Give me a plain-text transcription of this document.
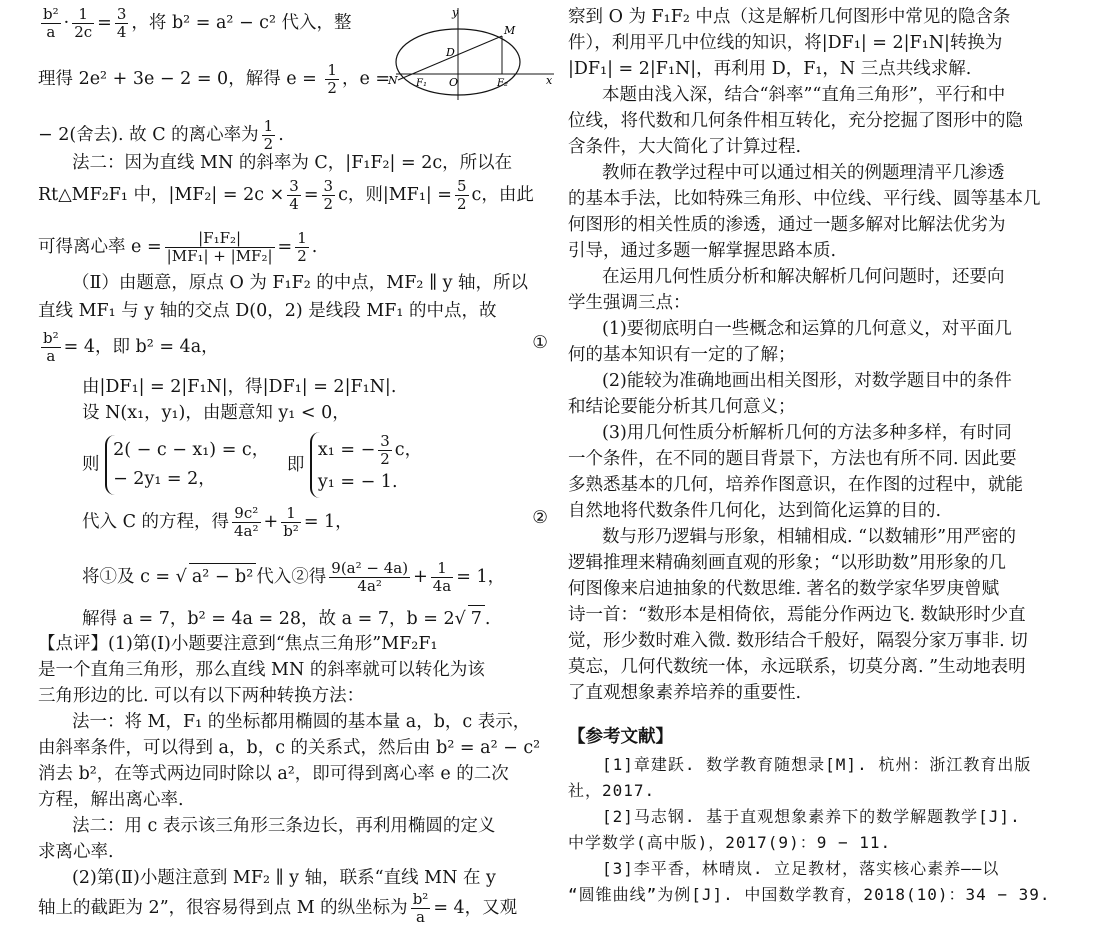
$\frac{\text{b²}}{a} \cdot \frac{1}{2c} = \frac{3}{4}$ ，将 b² = a² − c² 代入，整
y
M
D
N F₁ O	F₂	x
理得 2e² + 3e − 2 = 0，解得 $e = \frac{1}{2}$ ，e =
− 2(舍去). 故 C 的离心率为 $\frac{1}{2}$ .
法二：因为直线 MN 的斜率为 C，|F₁F₂| = 2c，所以在
Rt△MF₂F₁ 中，$|MF_2| = 2c \times \frac{3}{4} = \frac{3}{2}$ c，则$|MF_1| = \frac{5}{2}$ c，由此
可得离心率 $e = \frac{\text{|F₁F₂|}}{\text{|MF₁| + |MF₂|}} = \frac{1}{2}$ .
（Ⅱ）由题意，原点 O 为 F₁F₂ 的中点，MF₂ ∥ y 轴，所以
直线 MF₁ 与 y 轴的交点 D(0，2) 是线段 MF₁ 的中点，故
$\frac{\text{b²}}{a} = 4$，即 b² = 4a，	①
由|DF₁| = 2|F₁N|，得|DF₁| = 2|F₁N|.
设 N(x₁，y₁)，由题意知 y₁ < 0，
则
2( − c − x₁) = c，
− 2y₁ = 2，
即
x₁ = − $\frac{3}{2}$ c，
y₁ = − 1.
代入 C 的方程，得 $\frac{\text{9c²}}{\text{4a²}} + \frac{1}{\text{b²}} = 1$，	②
将①及 c = √ a² − b² 代入②得 $\frac{\text{9(a² − 4a)}}{\text{4a²}} + \frac{1}{4a} = 1$，
解得 a = 7，b² = 4a = 28，故 a = 7，b = 2√ 7 .
【点评】(1)第(Ⅰ)小题要注意到“焦点三角形”MF₂F₁
是一个直角三角形，那么直线 MN 的斜率就可以转化为该
三角形边的比. 可以有以下两种转换方法：
法一：将 M，F₁ 的坐标都用椭圆的基本量 a，b，c 表示，
由斜率条件，可以得到 a，b，c 的关系式，然后由 b² = a² − c²
消去 b²，在等式两边同时除以 a²，即可得到离心率 e 的二次
方程，解出离心率.
法二：用 c 表示该三角形三条边长，再利用椭圆的定义
求离心率.
(2)第(Ⅱ)小题注意到 MF₂ ∥ y 轴，联系“直线 MN 在 y
轴上的截距为 2”，很容易得到点 M 的纵坐标为 $\frac{\text{b²}}{a} = 4$，又观
察到 O 为 F₁F₂ 中点（这是解析几何图形中常见的隐含条
件），利用平几中位线的知识，将|DF₁| = 2|F₁N|转换为
|DF₁| = 2|F₁N|，再利用 D，F₁，N 三点共线求解.
本题由浅入深，结合“斜率”“直角三角形”，平行和中
位线，将代数和几何条件相互转化，充分挖掘了图形中的隐
含条件，大大简化了计算过程.
教师在教学过程中可以通过相关的例题理清平几渗透
的基本手法，比如特殊三角形、中位线、平行线、圆等基本几
何图形的相关性质的渗透，通过一题多解对比解法优劣为
引导，通过多题一解掌握思路本质.
在运用几何性质分析和解决解析几何问题时，还要向
学生强调三点：
(1)要彻底明白一些概念和运算的几何意义，对平面几
何的基本知识有一定的了解；
(2)能较为准确地画出相关图形，对数学题目中的条件
和结论要能分析其几何意义；
(3)用几何性质分析解析几何的方法多种多样，有时同
一个条件，在不同的题目背景下，方法也有所不同. 因此要
多熟悉基本的几何，培养作图意识，在作图的过程中，就能
自然地将代数条件几何化，达到简化运算的目的.
数与形乃逻辑与形象，相辅相成. “以数辅形”用严密的
逻辑推理来精确刻画直观的形象；“以形助数”用形象的几
何图像来启迪抽象的代数思维. 著名的数学家华罗庚曾赋
诗一首：“数形本是相倚依，焉能分作两边飞. 数缺形时少直
觉，形少数时难入微. 数形结合千般好，隔裂分家万事非. 切
莫忘，几何代数统一体，永远联系，切莫分离. ”生动地表明
了直观想象素养培养的重要性.
【参考文献】
[1]章建跃. 数学教育随想录[M]. 杭州：浙江教育出版
社，2017.
[2]马志钢. 基于直观想象素养下的数学解题教学[J].
中学数学(高中版)，2017(9)：9 − 11.
[3]李平香，林晴岚. 立足教材，落实核心素养——以
“圆锥曲线”为例[J]. 中国数学教育，2018(10)：34 − 39.
